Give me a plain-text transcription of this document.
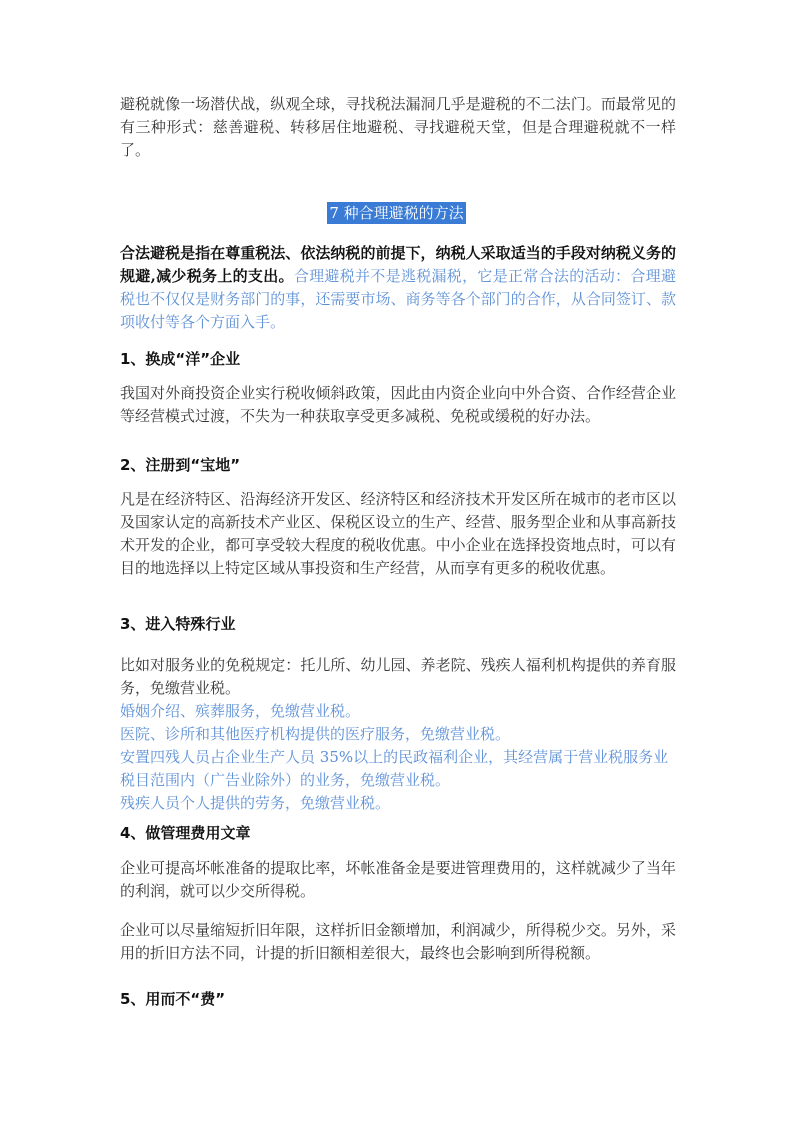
避税就像一场潜伏战，纵观全球，寻找税法漏洞几乎是避税的不二法门。而最常见的有三种形式：慈善避税、转移居住地避税、寻找避税天堂，但是合理避税就不一样了。

7 种合理避税的方法

合法避税是指在尊重税法、依法纳税的前提下，纳税人采取适当的手段对纳税义务的规避,减少税务上的支出。合理避税并不是逃税漏税，它是正常合法的活动：合理避税也不仅仅是财务部门的事，还需要市场、商务等各个部门的合作，从合同签订、款项收付等各个方面入手。

1、换成“洋”企业

我国对外商投资企业实行税收倾斜政策，因此由内资企业向中外合资、合作经营企业等经营模式过渡，不失为一种获取享受更多减税、免税或缓税的好办法。

2、注册到“宝地”

凡是在经济特区、沿海经济开发区、经济特区和经济技术开发区所在城市的老市区以及国家认定的高新技术产业区、保税区设立的生产、经营、服务型企业和从事高新技术开发的企业，都可享受较大程度的税收优惠。中小企业在选择投资地点时，可以有目的地选择以上特定区域从事投资和生产经营，从而享有更多的税收优惠。

3、进入特殊行业
比如对服务业的免税规定：托儿所、幼儿园、养老院、残疾人福利机构提供的养育服务，免缴营业税。
婚姻介绍、殡葬服务，免缴营业税。
医院、诊所和其他医疗机构提供的医疗服务，免缴营业税。
安置四残人员占企业生产人员 35%以上的民政福利企业，其经营属于营业税服务业税目范围内（广告业除外）的业务，免缴营业税。
残疾人员个人提供的劳务，免缴营业税。
4、做管理费用文章

企业可提高坏帐准备的提取比率，坏帐准备金是要进管理费用的，这样就减少了当年的利润，就可以少交所得税。

企业可以尽量缩短折旧年限，这样折旧金额增加，利润减少，所得税少交。另外，采用的折旧方法不同，计提的折旧额相差很大，最终也会影响到所得税额。

5、用而不“费”
